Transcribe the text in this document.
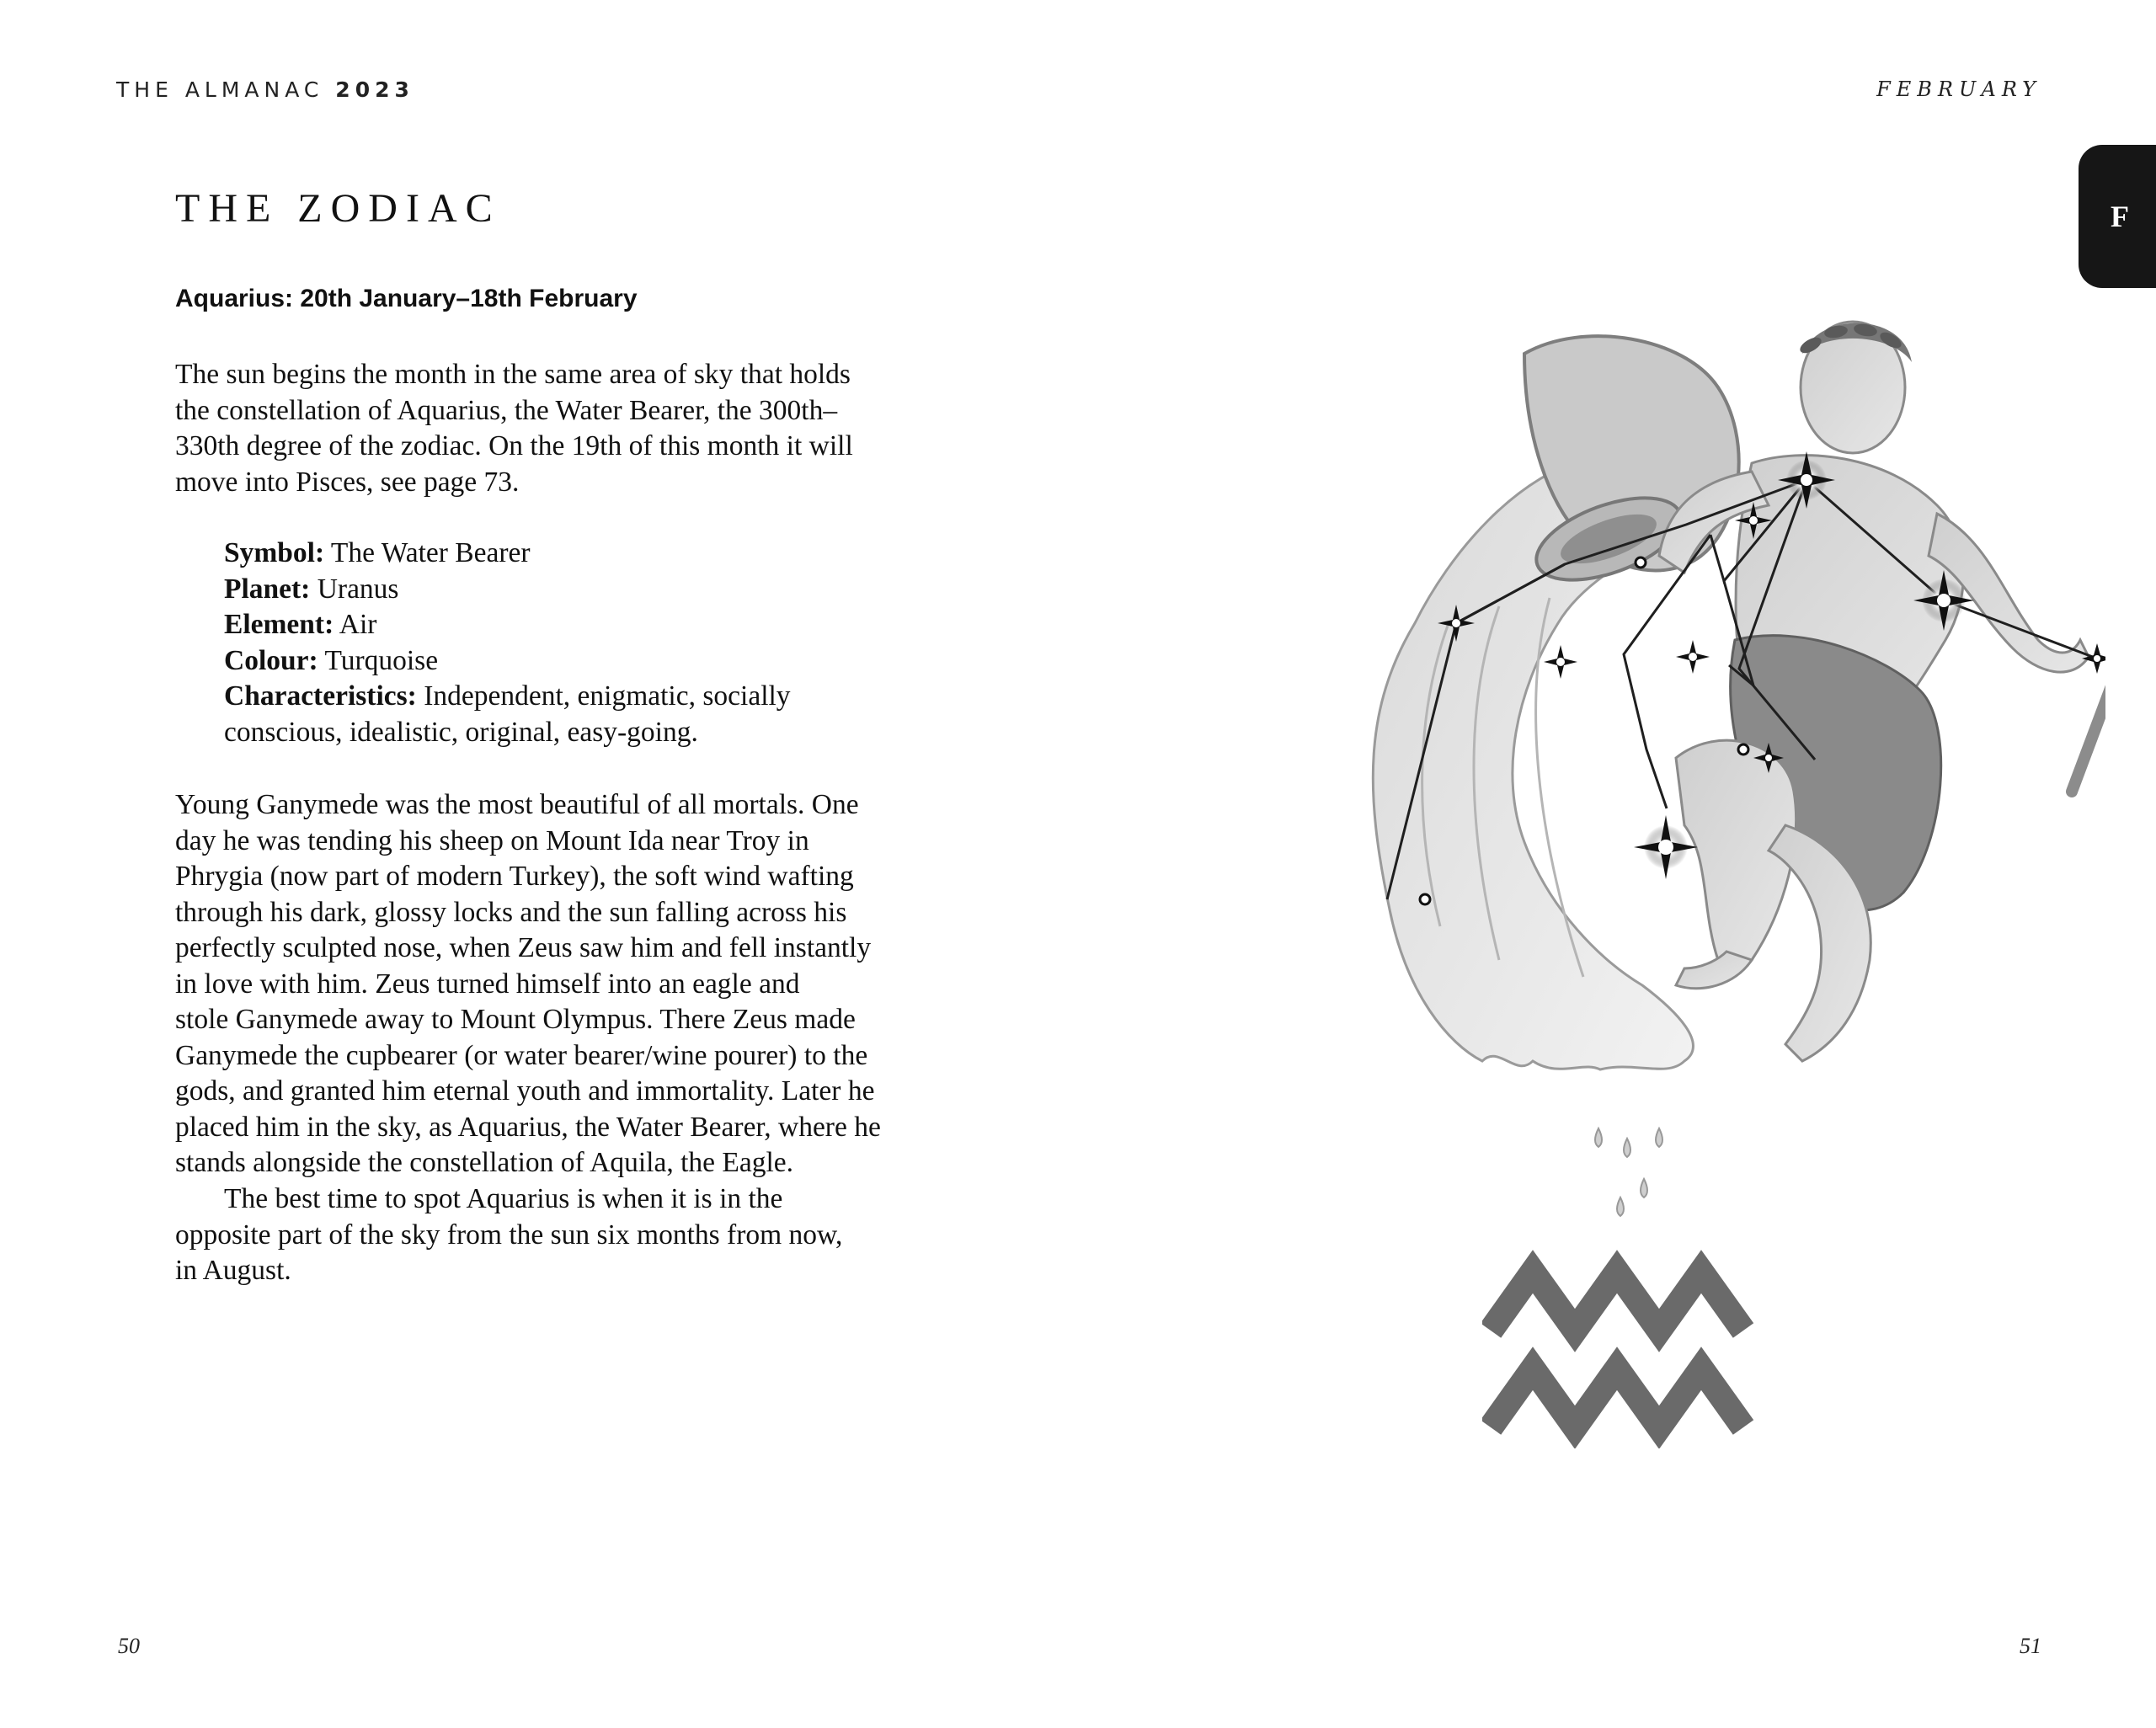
THE ALMANAC 2023
THE ZODIAC
Aquarius: 20th January–18th February

The sun begins the month in the same area of sky that holds
the constellation of Aquarius, the Water Bearer, the 300th–
330th degree of the zodiac. On the 19th of this month it will
move into Pisces, see page 73.

Symbol: The Water Bearer
Planet: Uranus
Element: Air
Colour: Turquoise
Characteristics: Independent, enigmatic, socially
conscious, idealistic, original, easy-going.

Young Ganymede was the most beautiful of all mortals. One
day he was tending his sheep on Mount Ida near Troy in
Phrygia (now part of modern Turkey), the soft wind wafting
through his dark, glossy locks and the sun falling across his
perfectly sculpted nose, when Zeus saw him and fell instantly
in love with him. Zeus turned himself into an eagle and
stole Ganymede away to Mount Olympus. There Zeus made
Ganymede the cupbearer (or water bearer/wine pourer) to the
gods, and granted him eternal youth and immortality. Later he
placed him in the sky, as Aquarius, the Water Bearer, where he
stands alongside the constellation of Aquila, the Eagle.

The best time to spot Aquarius is when it is in the
opposite part of the sky from the sun six months from now,
in August.

50
FEBRUARY
F
51
